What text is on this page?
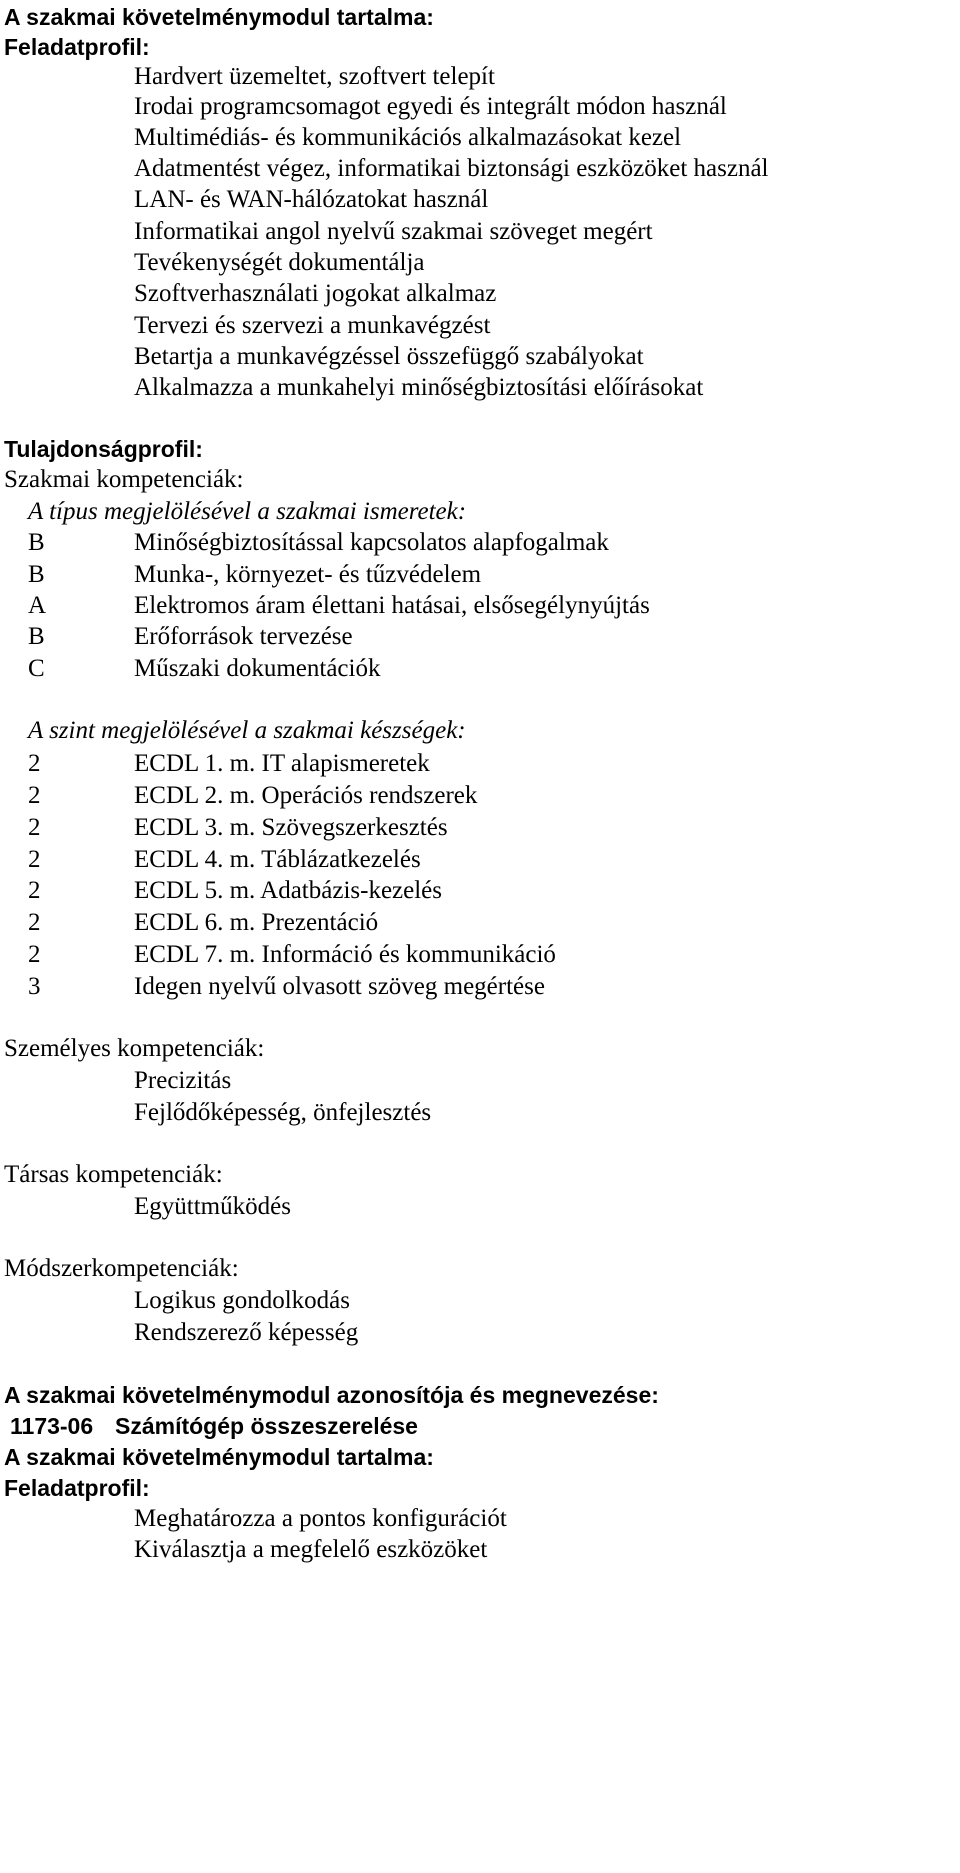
A szakmai követelménymodul tartalma:
Feladatprofil:
Hardvert üzemeltet, szoftvert telepít
Irodai programcsomagot egyedi és integrált módon használ
Multimédiás- és kommunikációs alkalmazásokat kezel
Adatmentést végez, informatikai biztonsági eszközöket használ
LAN- és WAN-hálózatokat használ
Informatikai angol nyelvű szakmai szöveget megért
Tevékenységét dokumentálja
Szoftverhasználati jogokat alkalmaz
Tervezi és szervezi a munkavégzést
Betartja a munkavégzéssel összefüggő szabályokat
Alkalmazza a munkahelyi minőségbiztosítási előírásokat
Tulajdonságprofil:
Szakmai kompetenciák:
A típus megjelölésével a szakmai ismeretek:
B	Minőségbiztosítással kapcsolatos alapfogalmak
B	Munka-, környezet- és tűzvédelem
A	Elektromos áram élettani hatásai, elsősegélynyújtás
B	Erőforrások tervezése
C	Műszaki dokumentációk
A szint megjelölésével a szakmai készségek:
2	ECDL 1. m. IT alapismeretek
2	ECDL 2. m. Operációs rendszerek
2	ECDL 3. m. Szövegszerkesztés
2	ECDL 4. m. Táblázatkezelés
2	ECDL 5. m. Adatbázis-kezelés
2	ECDL 6. m. Prezentáció
2	ECDL 7. m. Információ és kommunikáció
3	Idegen nyelvű olvasott szöveg megértése
Személyes kompetenciák:
Precizitás
Fejlődőképesség, önfejlesztés
Társas kompetenciák:
Együttműködés
Módszerkompetenciák:
Logikus gondolkodás
Rendszerező képesség
A szakmai követelménymodul azonosítója és megnevezése:
1173-06 Számítógép összeszerelése
A szakmai követelménymodul tartalma:
Feladatprofil:
Meghatározza a pontos konfigurációt
Kiválasztja a megfelelő eszközöket
